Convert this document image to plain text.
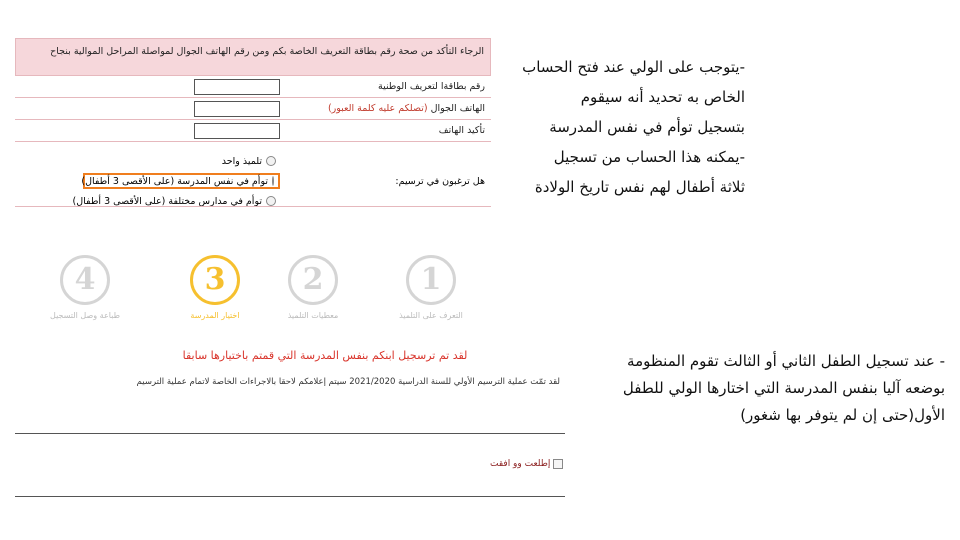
الرجاء التأكد من صحة رقم بطاقة التعريف الخاصة بكم ومن رقم الهاتف الجوال لمواصلة المراحل الموالية بنجاح
رقم بطاقةا لتعريف الوطنية
الهاتف الجوال (تصلكم عليه كلمة العبور)
تأكيد الهاتف
هل ترغبون في ترسيم:
تلميذ واحد
توأم في نفس المدرسة (على الأقصى 3 أطفال)
توأم في مدارس مختلفة (على الأقصى 3 أطفال)
4
طباعة وصل التسجيل
3
اختيار المدرسة
2
معطيات التلميذ
1
التعرف على التلميذ
لقد تم ترسجيل ابنكم بنفس المدرسة التي قمتم باختيارها سابقا
لقد تمّت عملية الترسيم الأولي للسنة الدراسية 2021/2020 سيتم إعلامكم لاحقا بالاجراءات الخاصة لاتمام عملية الترسيم
إطلعت وو افقت
-يتوجب على الولي عند فتح الحساب
الخاص به تحديد أنه سيقوم
بتسجيل توأم في نفس المدرسة
-يمكنه هذا الحساب من تسجيل
ثلاثة أطفال لهم نفس تاريخ الولادة
- عند تسجيل الطفل الثاني أو الثالث تقوم المنظومة
بوضعه آليا بنفس المدرسة التي اختارها الولي للطفل
الأول(حتى إن لم يتوفر بها شغور)
